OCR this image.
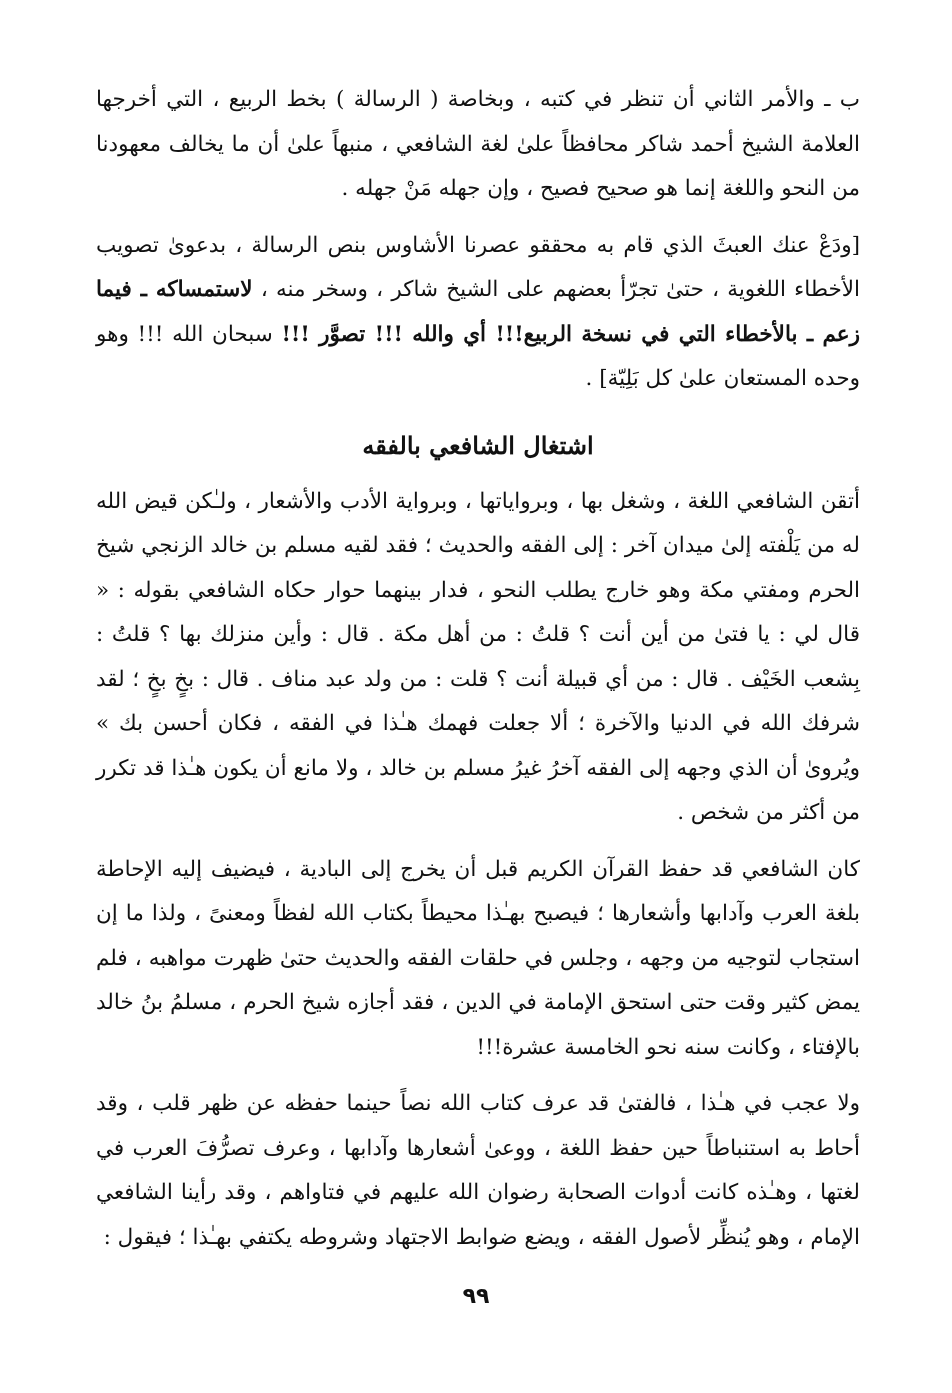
ب ـ والأمر الثاني أن تنظر في كتبه ، وبخاصة ( الرسالة ) بخط الربيع ، التي أخرجها العلامة الشيخ أحمد شاكر محافظاً علىٰ لغة الشافعي ، منبهاً علىٰ أن ما يخالف معهودنا من النحو واللغة إنما هو صحيح فصيح ، وإن جهله مَنْ جهله .

[ودَعْ عنك العبثَ الذي قام به محققو عصرنا الأشاوس بنص الرسالة ، بدعوىٰ تصويب الأخطاء اللغوية ، حتىٰ تجرّأ بعضهم على الشيخ شاكر ، وسخر منه ، لاستمساكه ـ فيما زعم ـ بالأخطاء التي في نسخة الربيع!!! أي والله !!! تصوَّر !!! سبحان الله !!! وهو وحده المستعان علىٰ كل بَلِيّة] .

اشتغال الشافعي بالفقه

أتقن الشافعي اللغة ، وشغل بها ، وبرواياتها ، وبرواية الأدب والأشعار ، ولـٰكن قيض الله له من يَلْفته إلىٰ ميدان آخر : إلى الفقه والحديث ؛ فقد لقيه مسلم بن خالد الزنجي شيخ الحرم ومفتي مكة وهو خارج يطلب النحو ، فدار بينهما حوار حكاه الشافعي بقوله : « قال لي : يا فتىٰ من أين أنت ؟ قلتُ : من أهل مكة . قال : وأين منزلك بها ؟ قلتُ : بِشعب الخَيْف . قال : من أي قبيلة أنت ؟ قلت : من ولد عبد مناف . قال : بخٍ بخٍ ؛ لقد شرفك الله في الدنيا والآخرة ؛ ألا جعلت فهمك هـٰذا في الفقه ، فكان أحسن بك » ويُروىٰ أن الذي وجهه إلى الفقه آخرُ غيرُ مسلم بن خالد ، ولا مانع أن يكون هـٰذا قد تكرر من أكثر من شخص .

كان الشافعي قد حفظ القرآن الكريم قبل أن يخرج إلى البادية ، فيضيف إليه الإحاطة بلغة العرب وآدابها وأشعارها ؛ فيصبح بهـٰذا محيطاً بكتاب الله لفظاً ومعنىً ، ولذا ما إن استجاب لتوجيه من وجهه ، وجلس في حلقات الفقه والحديث حتىٰ ظهرت مواهبه ، فلم يمض كثير وقت حتى استحق الإمامة في الدين ، فقد أجازه شيخ الحرم ، مسلمُ بنُ خالد بالإفتاء ، وكانت سنه نحو الخامسة عشرة!!!

ولا عجب في هـٰذا ، فالفتىٰ قد عرف كتاب الله نصاً حينما حفظه عن ظهر قلب ، وقد أحاط به استنباطاً حين حفظ اللغة ، ووعىٰ أشعارها وآدابها ، وعرف تصرُّفَ العرب في لغتها ، وهـٰذه كانت أدوات الصحابة رضوان الله عليهم في فتاواهم ، وقد رأينا الشافعي الإمام ، وهو يُنظِّر لأصول الفقه ، ويضع ضوابط الاجتهاد وشروطه يكتفي بهـٰذا ؛ فيقول :

٩٩
